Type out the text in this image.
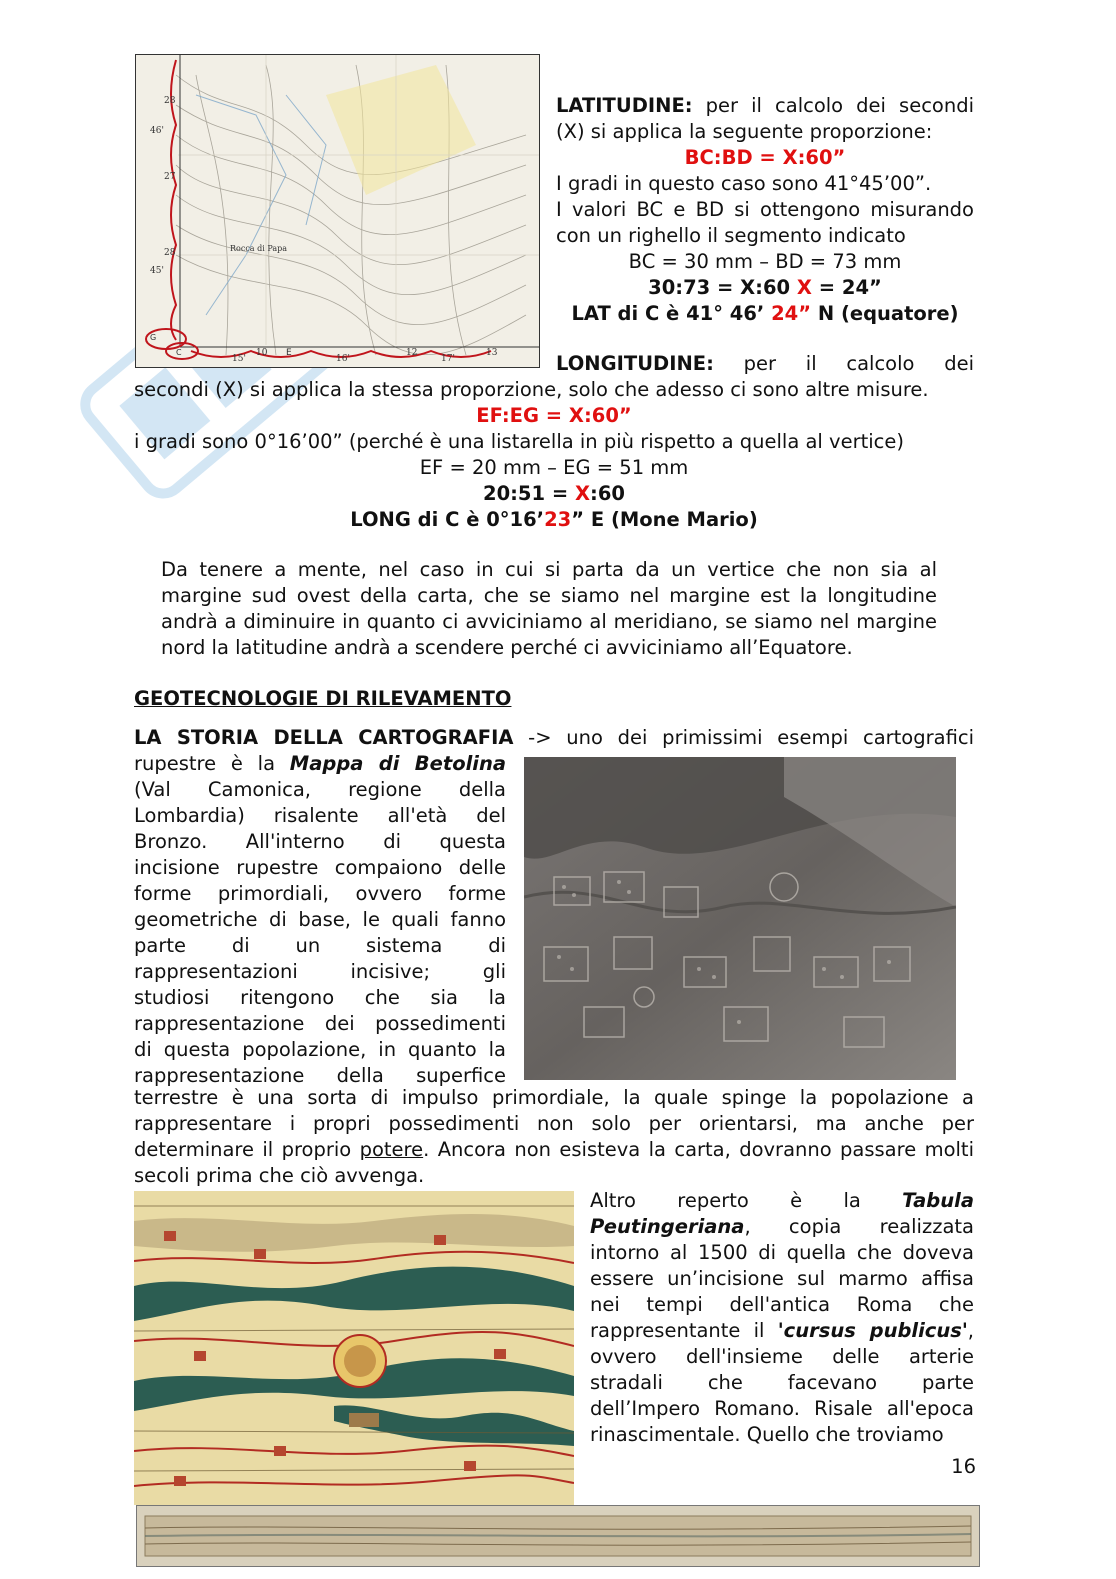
28
46'
27
28
45'
Rocca di Papa
G
C
15'
10 E
16'
12
17'
13

LATITUDINE: per il calcolo dei secondi (X) si applica la seguente proporzione:

BC:BD = X:60”

I gradi in questo caso sono 41°45’00”.

I valori BC e BD si ottengono misurando con un righello il segmento indicato

BC = 30 mm – BD = 73 mm

30:73 = X:60 X = 24”

LAT di C è 41° 46’ 24” N (equatore)

LONGITUDINE: per il calcolo dei

secondi (X) si applica la stessa proporzione, solo che adesso ci sono altre misure.

EF:EG = X:60”

i gradi sono 0°16’00” (perché è una listarella in più rispetto a quella al vertice)

EF = 20 mm – EG = 51 mm

20:51 = X:60

LONG di C è 0°16’23” E (Mone Mario)

Da tenere a mente, nel caso in cui si parta da un vertice che non sia al margine sud ovest della carta, che se siamo nel margine est la longitudine andrà a diminuire in quanto ci avviciniamo al meridiano, se siamo nel margine nord la latitudine andrà a scendere perché ci avviciniamo all’Equatore.

GEOTECNOLOGIE DI RILEVAMENTO

LA STORIA DELLA CARTOGRAFIA -> uno dei primissimi esempi cartografici

rupestre è la Mappa di Betolina

(Val Camonica, regione della

Lombardia) risalente all'età del

Bronzo. All'interno di questa

incisione rupestre compaiono delle

forme primordiali, ovvero forme

geometriche di base, le quali fanno

parte di un sistema di

rappresentazioni incisive; gli

studiosi ritengono che sia la

rappresentazione dei possedimenti

di questa popolazione, in quanto la

rappresentazione della superfice

terrestre è una sorta di impulso primordiale, la quale spinge la popolazione a rappresentare i propri possedimenti non solo per orientarsi, ma anche per determinare il proprio potere. Ancora non esisteva la carta, dovranno passare molti secoli prima che ciò avvenga.

Altro reperto è la Tabula Peutingeriana, copia realizzata intorno al 1500 di quella che doveva essere un’incisione sul marmo affisa nei tempi dell'antica Roma che rappresentante il 'cursus publicus', ovvero dell'insieme delle arterie stradali che facevano parte dell’Impero Romano. Risale all'epoca rinascimentale. Quello che troviamo

16
